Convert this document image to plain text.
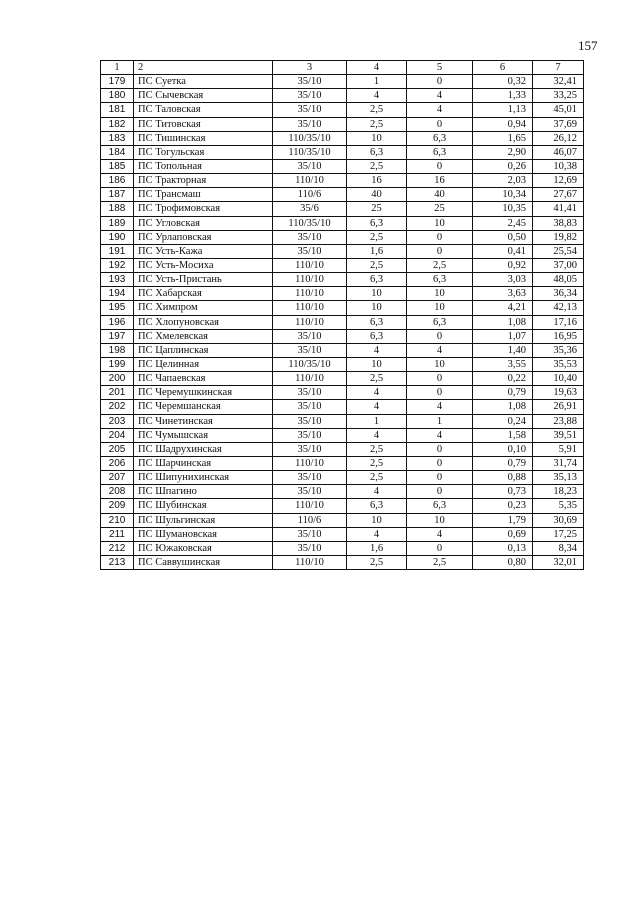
157
1	2	3	4	5	6	7
179	ПС Суетка	35/10	1	0	0,32	32,41
180	ПС Сычевская	35/10	4	4	1,33	33,25
181	ПС Таловская	35/10	2,5	4	1,13	45,01
182	ПС Титовская	35/10	2,5	0	0,94	37,69
183	ПС Тишинская	110/35/10	10	6,3	1,65	26,12
184	ПС Тогульская	110/35/10	6,3	6,3	2,90	46,07
185	ПС Топольная	35/10	2,5	0	0,26	10,38
186	ПС Тракторная	110/10	16	16	2,03	12,69
187	ПС Трансмаш	110/6	40	40	10,34	27,67
188	ПС Трофимовская	35/6	25	25	10,35	41,41
189	ПС Угловская	110/35/10	6,3	10	2,45	38,83
190	ПС Урлаповская	35/10	2,5	0	0,50	19,82
191	ПС Усть-Кажа	35/10	1,6	0	0,41	25,54
192	ПС Усть-Мосиха	110/10	2,5	2,5	0,92	37,00
193	ПС Усть-Пристань	110/10	6,3	6,3	3,03	48,05
194	ПС Хабарская	110/10	10	10	3,63	36,34
195	ПС Химпром	110/10	10	10	4,21	42,13
196	ПС Хлопуновская	110/10	6,3	6,3	1,08	17,16
197	ПС Хмелевская	35/10	6,3	0	1,07	16,95
198	ПС Цаплинская	35/10	4	4	1,40	35,36
199	ПС Целинная	110/35/10	10	10	3,55	35,53
200	ПС Чапаевская	110/10	2,5	0	0,22	10,40
201	ПС Черемушкинская	35/10	4	0	0,79	19,63
202	ПС Черемшанская	35/10	4	4	1,08	26,91
203	ПС Чинетинская	35/10	1	1	0,24	23,88
204	ПС Чумышская	35/10	4	4	1,58	39,51
205	ПС Шадрухинская	35/10	2,5	0	0,10	5,91
206	ПС Шарчинская	110/10	2,5	0	0,79	31,74
207	ПС Шипунихинская	35/10	2,5	0	0,88	35,13
208	ПС Шпагино	35/10	4	0	0,73	18,23
209	ПС Шубинская	110/10	6,3	6,3	0,23	5,35
210	ПС Шульгинская	110/6	10	10	1,79	30,69
211	ПС Шумановская	35/10	4	4	0,69	17,25
212	ПС Южаковская	35/10	1,6	0	0,13	8,34
213	ПС Саввушинская	110/10	2,5	2,5	0,80	32,01
